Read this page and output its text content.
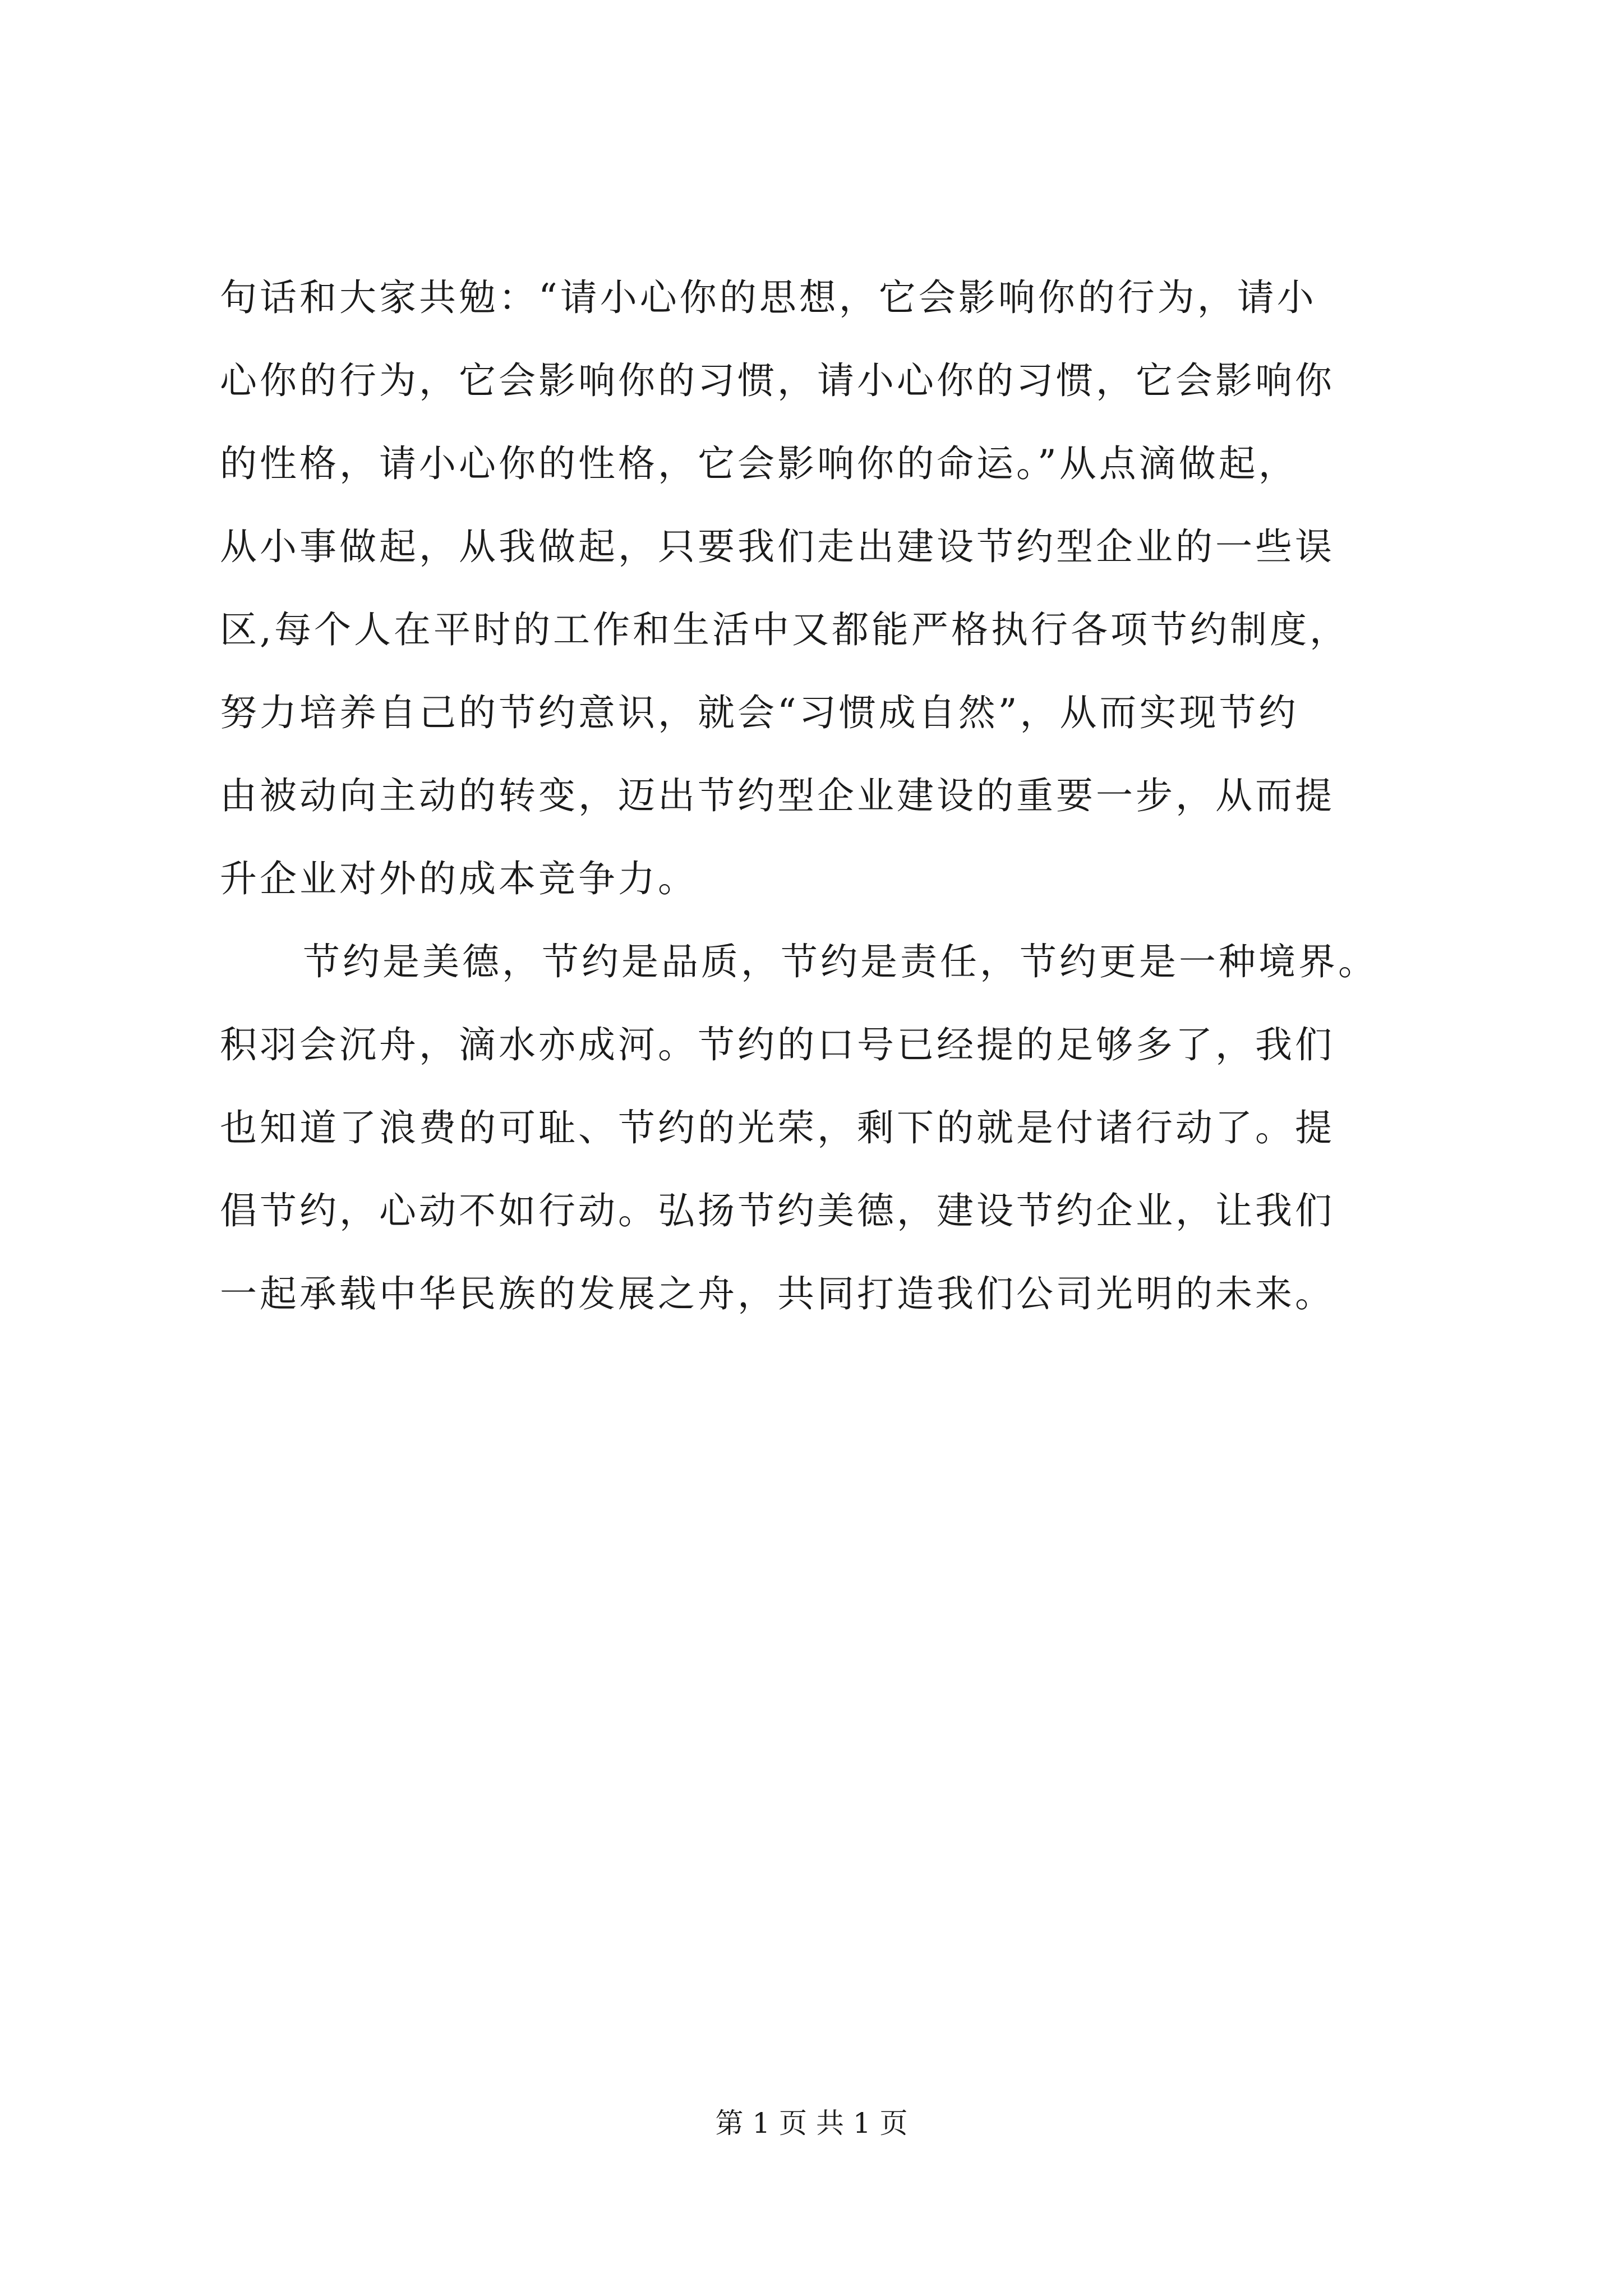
句话和大家共勉：“请小心你的思想，它会影响你的行为，请小
心你的行为，它会影响你的习惯，请小心你的习惯，它会影响你
的性格，请小心你的性格，它会影响你的命运。”从点滴做起，
从小事做起，从我做起，只要我们走出建设节约型企业的一些误
区,每个人在平时的工作和生活中又都能严格执行各项节约制度，
努力培养自己的节约意识，就会“习惯成自然”，从而实现节约
由被动向主动的转变，迈出节约型企业建设的重要一步，从而提
升企业对外的成本竞争力。
节约是美德，节约是品质，节约是责任，节约更是一种境界。
积羽会沉舟，滴水亦成河。节约的口号已经提的足够多了，我们
也知道了浪费的可耻、节约的光荣，剩下的就是付诸行动了。提
倡节约，心动不如行动。弘扬节约美德，建设节约企业，让我们
一起承载中华民族的发展之舟，共同打造我们公司光明的未来。
第 1 页 共 1 页
